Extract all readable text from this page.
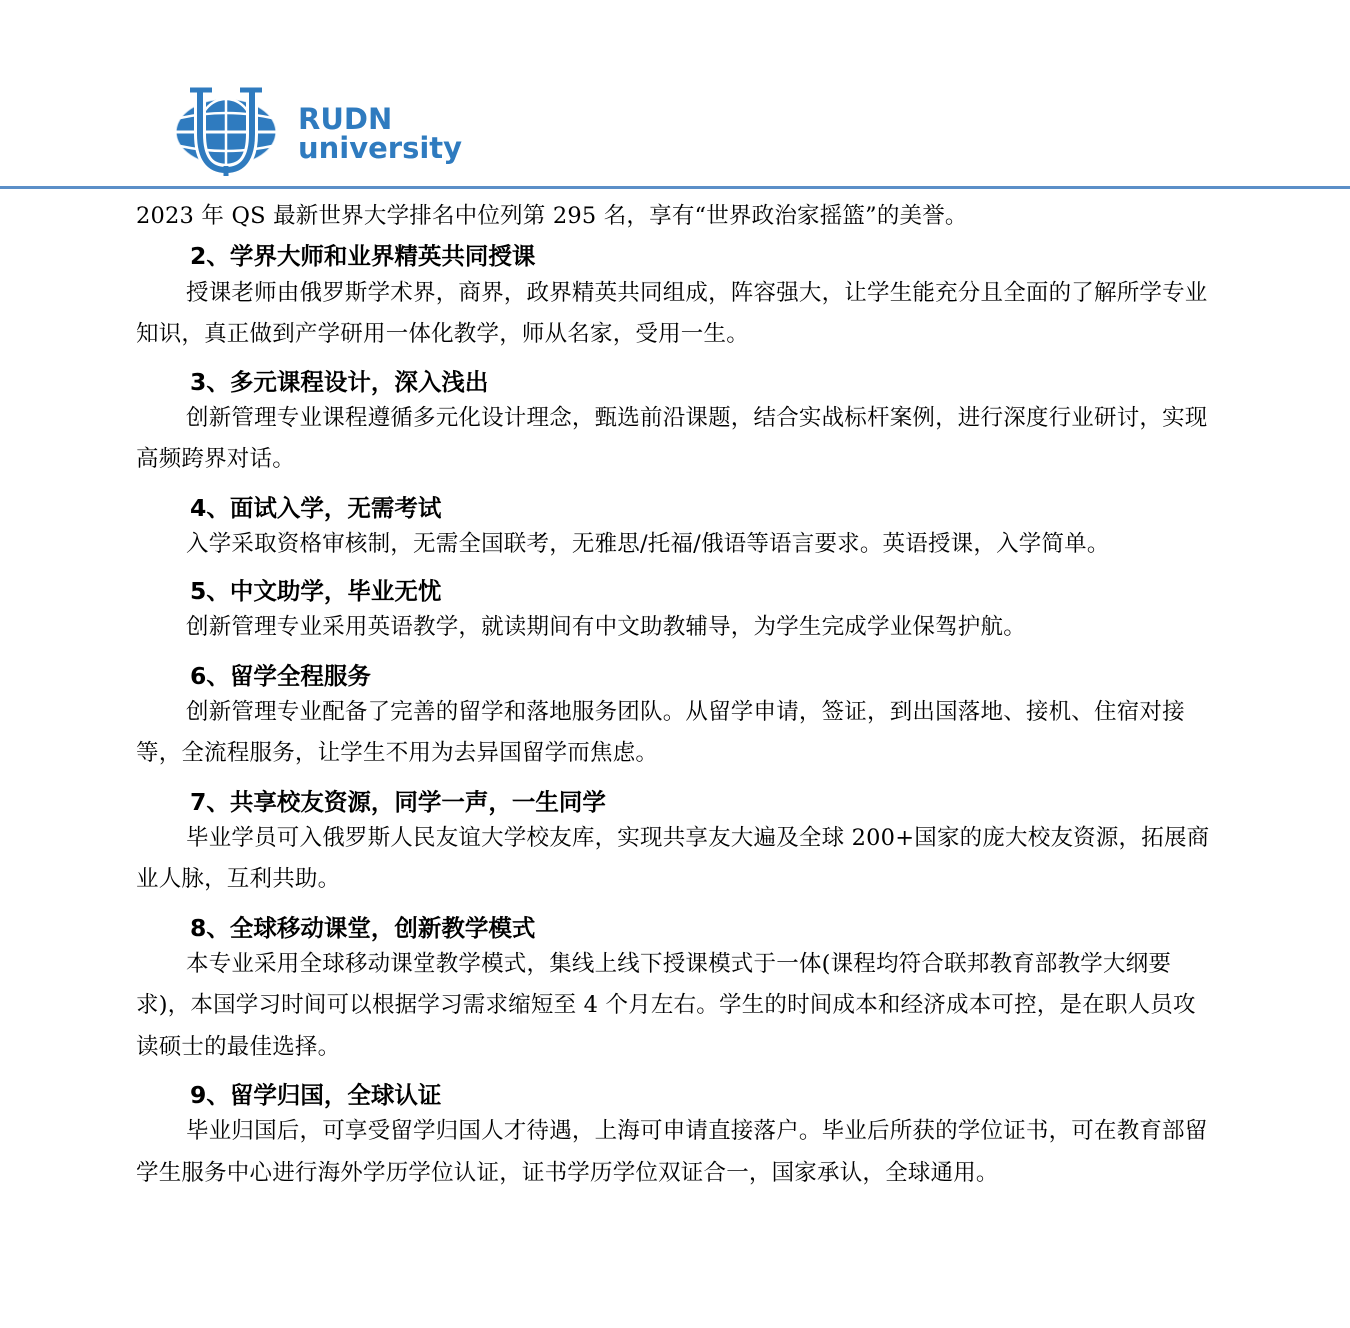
RUDN
university

2023 年 QS 最新世界大学排名中位列第 295 名，享有“世界政治家摇篮”的美誉。

2、学界大师和业界精英共同授课

授课老师由俄罗斯学术界，商界，政界精英共同组成，阵容强大，让学生能充分且全面的了解所学专业知识，真正做到产学研用一体化教学，师从名家，受用一生。

3、多元课程设计，深入浅出

创新管理专业课程遵循多元化设计理念，甄选前沿课题，结合实战标杆案例，进行深度行业研讨，实现高频跨界对话。

4、面试入学，无需考试

入学采取资格审核制，无需全国联考，无雅思/托福/俄语等语言要求。英语授课，入学简单。

5、中文助学，毕业无忧

创新管理专业采用英语教学，就读期间有中文助教辅导，为学生完成学业保驾护航。

6、留学全程服务

创新管理专业配备了完善的留学和落地服务团队。从留学申请，签证，到出国落地、接机、住宿对接等，全流程服务，让学生不用为去异国留学而焦虑。

7、共享校友资源，同学一声，一生同学

毕业学员可入俄罗斯人民友谊大学校友库，实现共享友大遍及全球 200+国家的庞大校友资源，拓展商业人脉，互利共助。

8、全球移动课堂，创新教学模式

本专业采用全球移动课堂教学模式，集线上线下授课模式于一体(课程均符合联邦教育部教学大纲要求)，本国学习时间可以根据学习需求缩短至 4 个月左右。学生的时间成本和经济成本可控，是在职人员攻读硕士的最佳选择。

9、留学归国，全球认证

毕业归国后，可享受留学归国人才待遇，上海可申请直接落户。毕业后所获的学位证书，可在教育部留学生服务中心进行海外学历学位认证，证书学历学位双证合一，国家承认，全球通用。
